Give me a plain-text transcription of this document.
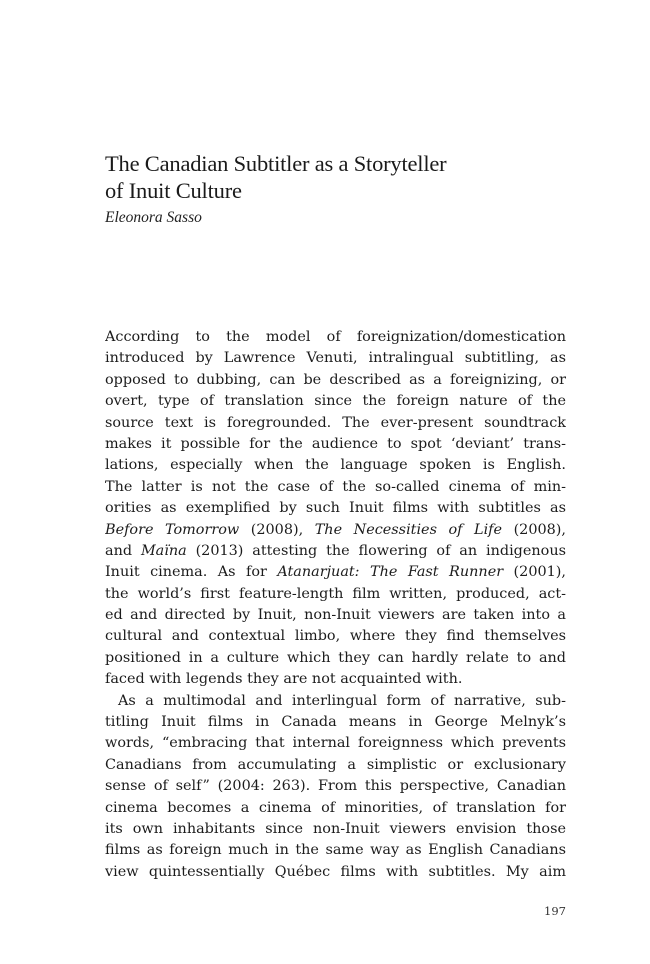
The Canadian Subtitler as a Storyteller
of Inuit Culture

Eleonora Sasso

According to the model of foreignization/domestication
introduced by Lawrence Venuti, intralingual subtitling, as
opposed to dubbing, can be described as a foreignizing, or
overt, type of translation since the foreign nature of the
source text is foregrounded. The ever-present soundtrack
makes it possible for the audience to spot ‘deviant’ trans-
lations, especially when the language spoken is English.
The latter is not the case of the so-called cinema of min-
orities as exemplified by such Inuit films with subtitles as
Before Tomorrow (2008), The Necessities of Life (2008),
and Maïna (2013) attesting the flowering of an indigenous
Inuit cinema. As for Atanarjuat: The Fast Runner (2001),
the world’s first feature-length film written, produced, act-
ed and directed by Inuit, non-Inuit viewers are taken into a
cultural and contextual limbo, where they find themselves
positioned in a culture which they can hardly relate to and
faced with legends they are not acquainted with.
As a multimodal and interlingual form of narrative, sub-
titling Inuit films in Canada means in George Melnyk’s
words, “embracing that internal foreignness which prevents
Canadians from accumulating a simplistic or exclusionary
sense of self” (2004: 263). From this perspective, Canadian
cinema becomes a cinema of minorities, of translation for
its own inhabitants since non-Inuit viewers envision those
films as foreign much in the same way as English Canadians
view quintessentially Québec films with subtitles. My aim
197
